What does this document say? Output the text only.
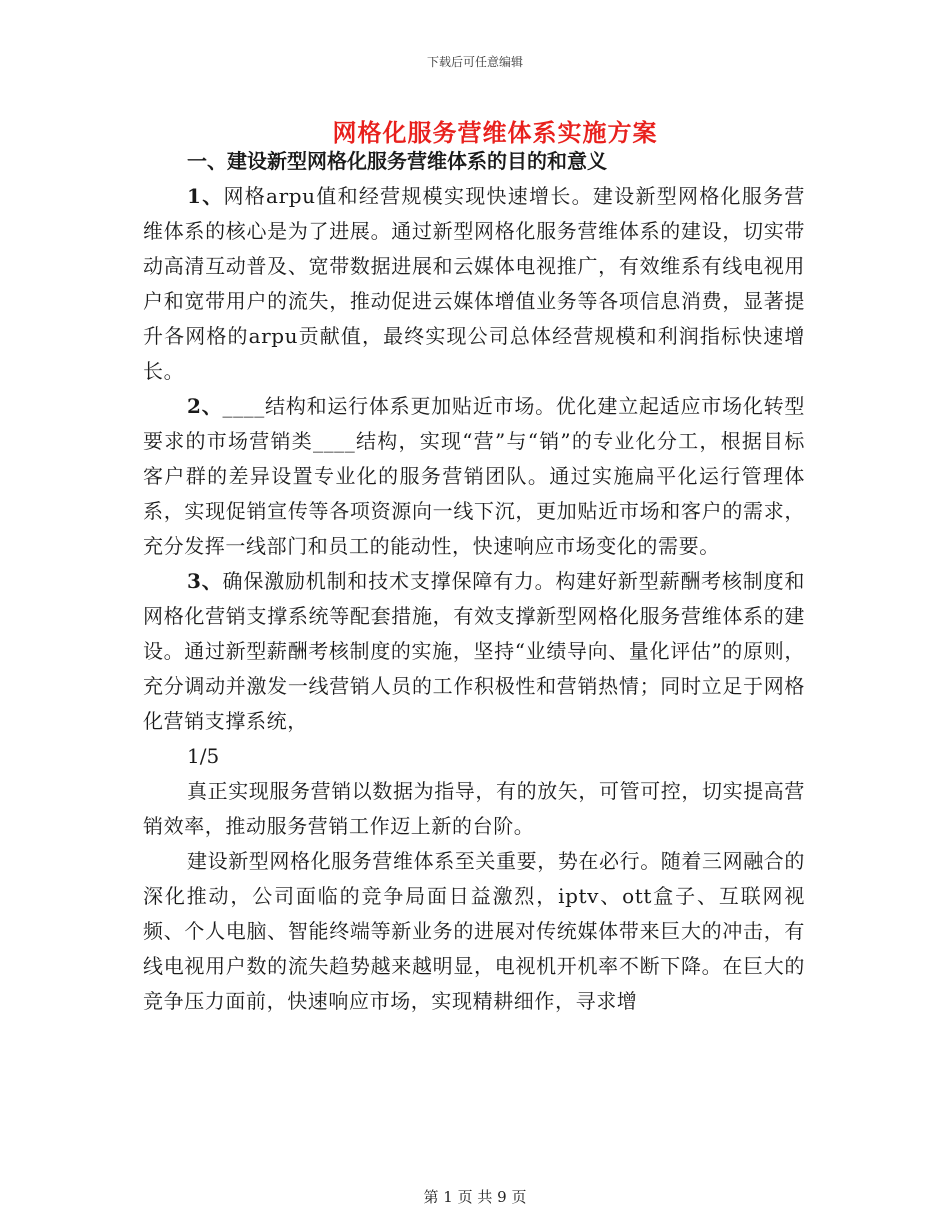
下载后可任意编辑
网格化服务营维体系实施方案

一、建设新型网格化服务营维体系的目的和意义

1、网格arpu值和经营规模实现快速增长。建设新型网格化服务营维体系的核心是为了进展。通过新型网格化服务营维体系的建设，切实带动高清互动普及、宽带数据进展和云媒体电视推广，有效维系有线电视用户和宽带用户的流失，推动促进云媒体增值业务等各项信息消费，显著提升各网格的arpu贡献值，最终实现公司总体经营规模和利润指标快速增长。

2、____结构和运行体系更加贴近市场。优化建立起适应市场化转型要求的市场营销类____结构，实现“营”与“销”的专业化分工，根据目标客户群的差异设置专业化的服务营销团队。通过实施扁平化运行管理体系，实现促销宣传等各项资源向一线下沉，更加贴近市场和客户的需求，充分发挥一线部门和员工的能动性，快速响应市场变化的需要。

3、确保激励机制和技术支撑保障有力。构建好新型薪酬考核制度和网格化营销支撑系统等配套措施，有效支撑新型网格化服务营维体系的建设。通过新型薪酬考核制度的实施，坚持“业绩导向、量化评估”的原则，充分调动并激发一线营销人员的工作积极性和营销热情；同时立足于网格化营销支撑系统，

1/5

真正实现服务营销以数据为指导，有的放矢，可管可控，切实提高营销效率，推动服务营销工作迈上新的台阶。

建设新型网格化服务营维体系至关重要，势在必行。随着三网融合的深化推动，公司面临的竞争局面日益激烈，iptv、ott盒子、互联网视频、个人电脑、智能终端等新业务的进展对传统媒体带来巨大的冲击，有线电视用户数的流失趋势越来越明显，电视机开机率不断下降。在巨大的竞争压力面前，快速响应市场，实现精耕细作，寻求增

第 1 页 共 9 页
